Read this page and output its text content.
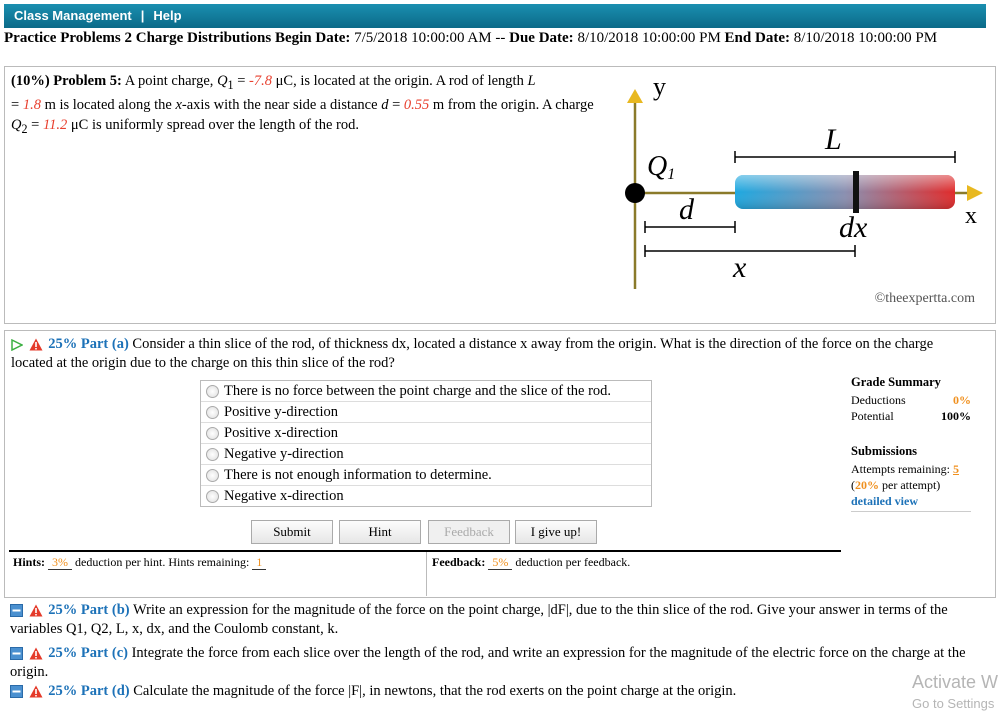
Class Management | Help
Practice Problems 2 Charge Distributions Begin Date: 7/5/2018 10:00:00 AM -- Due Date: 8/10/2018 10:00:00 PM End Date: 8/10/2018 10:00:00 PM
(10%) Problem 5: A point charge, $Q_1 = -7.8$ μC, is located at the origin. A rod of length L
= 1.8 m is located along the x-axis with the near side a distance d = 0.55 m from the origin. A charge $Q_2 = 11.2$ μC is uniformly spread over the length of the rod.
y
x
Q1
L
d
dx
x
©theexpertta.com
25% Part (a) Consider a thin slice of the rod, of thickness dx, located a distance x away from the origin. What is the direction of the force on the charge located at the origin due to the charge on this thin slice of the rod?
There is no force between the point charge and the slice of the rod.
Positive y-direction
Positive x-direction
Negative y-direction
There is not enough information to determine.
Negative x-direction
Submit	Hint	Feedback	I give up!
Grade Summary
Deductions	0%
Potential	100%
Submissions
Attempts remaining: 5
(20% per attempt)
detailed view
Hints: 3% deduction per hint. Hints remaining: 1	Feedback: 5% deduction per feedback.
25% Part (b) Write an expression for the magnitude of the force on the point charge, |dF|, due to the thin slice of the rod. Give your answer in terms of the variables Q1, Q2, L, x, dx, and the Coulomb constant, k.
25% Part (c) Integrate the force from each slice over the length of the rod, and write an expression for the magnitude of the electric force on the charge at the origin.
25% Part (d) Calculate the magnitude of the force |F|, in newtons, that the rod exerts on the point charge at the origin.	Activate W
Go to Settings
